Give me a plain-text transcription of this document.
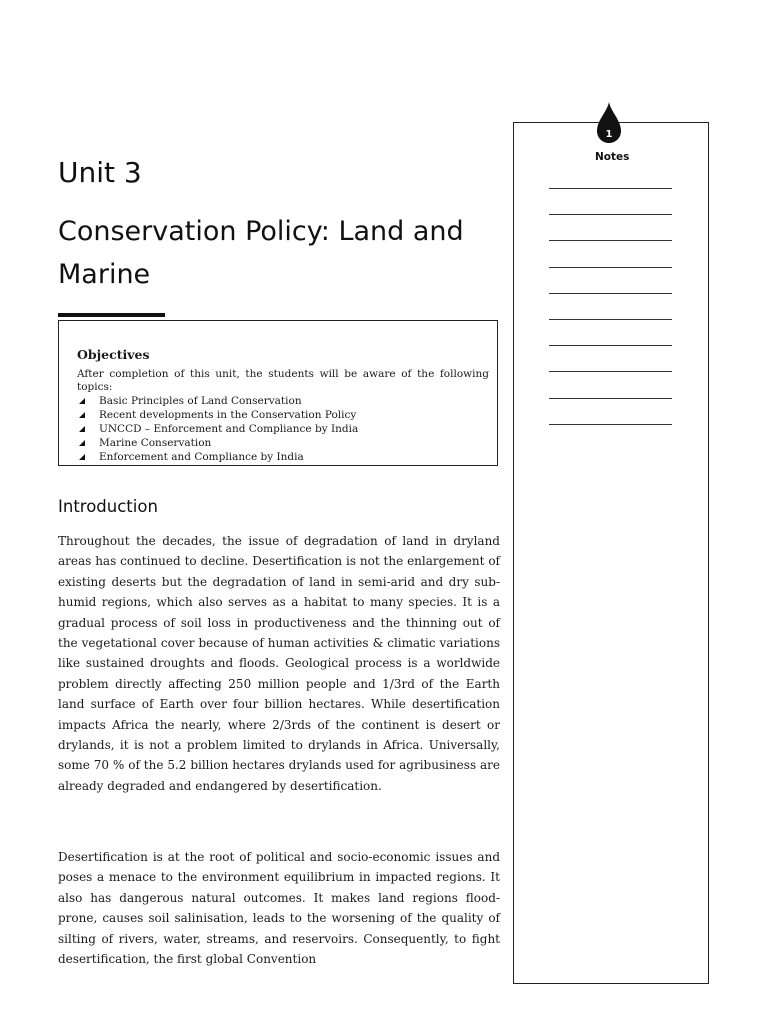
Unit 3
Conservation Policy: Land and Marine
Objectives

After completion of this unit, the students will be aware of the following topics:

Basic Principles of Land Conservation
Recent developments in the Conservation Policy
UNCCD – Enforcement and Compliance by India
Marine Conservation
Enforcement and Compliance by India
Introduction

Throughout the decades, the issue of degradation of land in dryland areas has continued to decline. Desertification is not the enlargement of existing deserts but the degradation of land in semi-arid and dry sub-humid regions, which also serves as a habitat to many species. It is a gradual process of soil loss in productiveness and the thinning out of the vegetational cover because of human activities & climatic variations like sustained droughts and floods. Geological process is a worldwide problem directly affecting 250 million people and 1/3rd of the Earth land surface of Earth over four billion hectares. While desertification impacts Africa the nearly, where 2/3rds of the continent is desert or drylands, it is not a problem limited to drylands in Africa. Universally, some 70 % of the 5.2 billion hectares drylands used for agribusiness are already degraded and endangered by desertification.

Desertification is at the root of political and socio-economic issues and poses a menace to the environment equilibrium in impacted regions. It also has dangerous natural outcomes. It makes land regions flood-prone, causes soil salinisation, leads to the worsening of the quality of silting of rivers, water, streams, and reservoirs. Consequently, to fight desertification, the first global Convention

1
Notes
